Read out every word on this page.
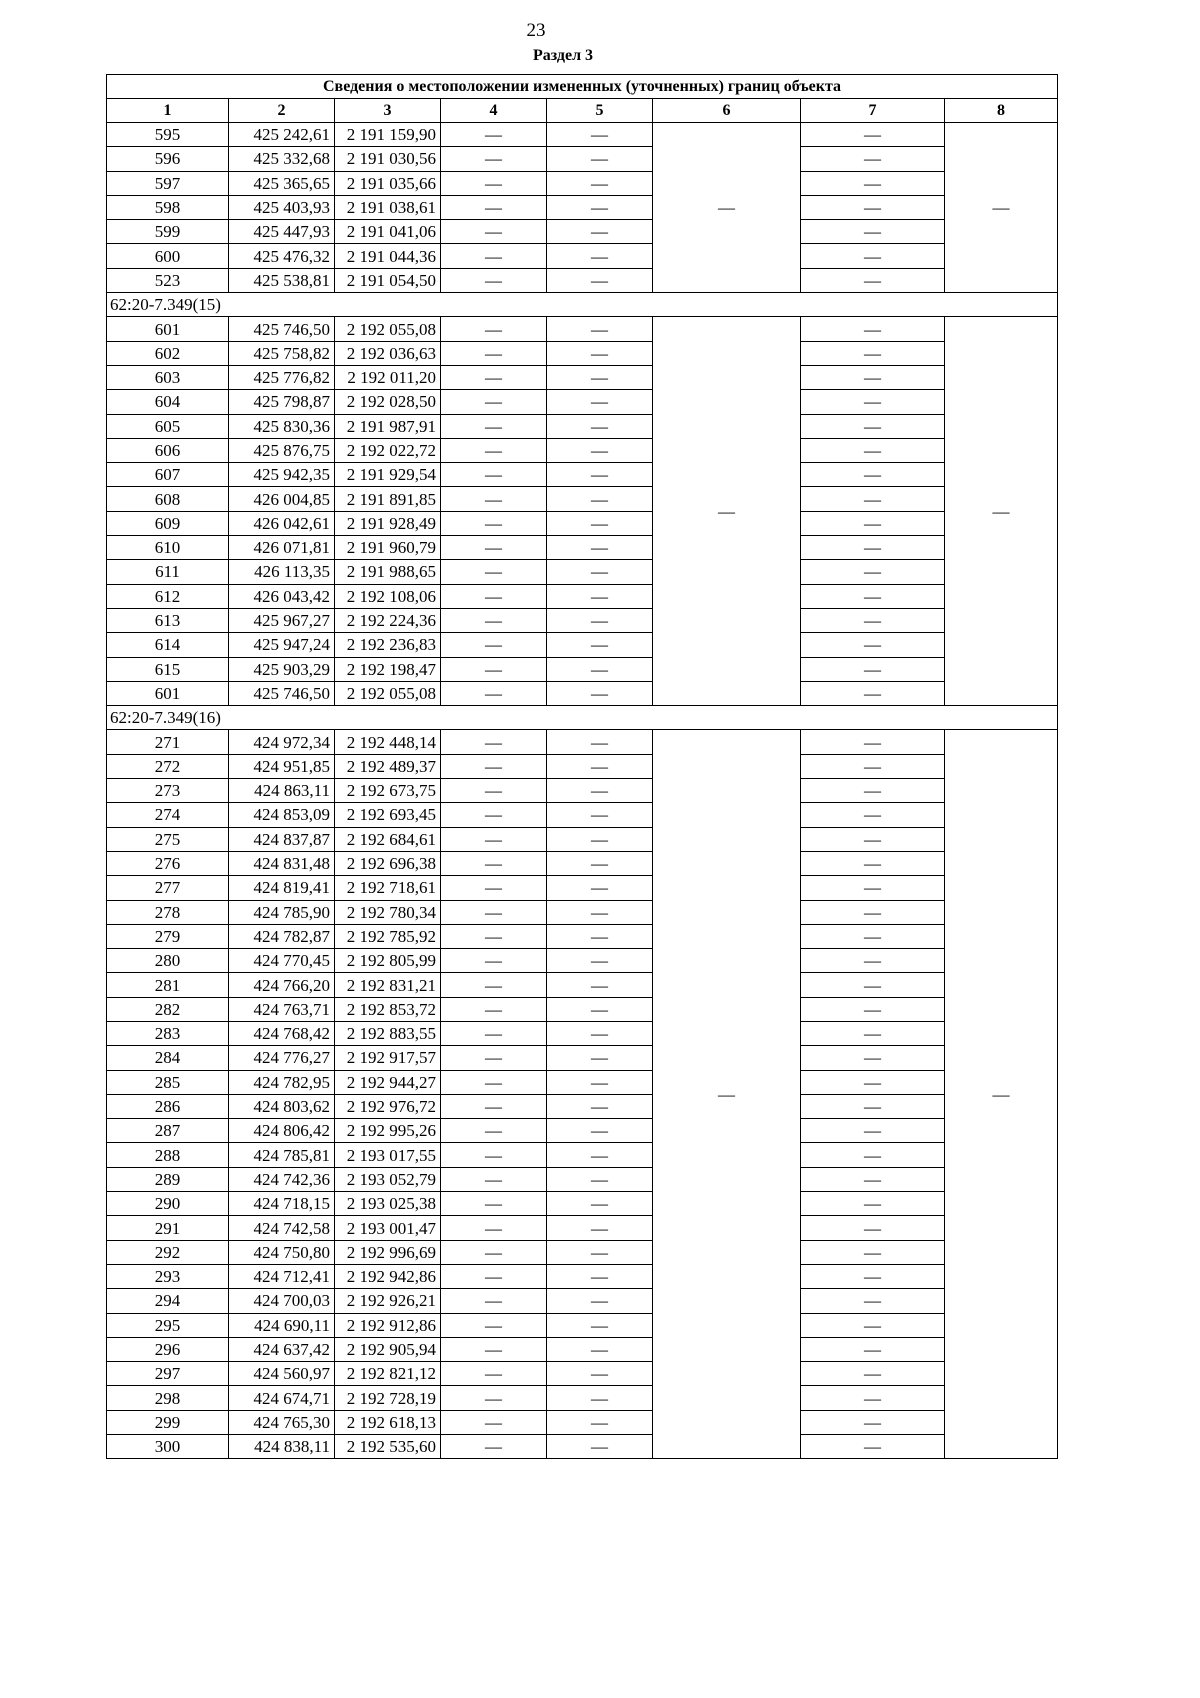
23
Раздел 3
Сведения о местоположении измененных (уточненных) границ объекта							
1	2	3	4	5	6	7	8
595	425 242,61	2 191 159,90	—	—	—	—	—
596	425 332,68	2 191 030,56	—	—		—	
597	425 365,65	2 191 035,66	—	—		—	
598	425 403,93	2 191 038,61	—	—		—	
599	425 447,93	2 191 041,06	—	—		—	
600	425 476,32	2 191 044,36	—	—		—	
523	425 538,81	2 191 054,50	—	—		—	
62:20-7.349(15)							
601	425 746,50	2 192 055,08	—	—	—	—	—
602	425 758,82	2 192 036,63	—	—		—	
603	425 776,82	2 192 011,20	—	—		—	
604	425 798,87	2 192 028,50	—	—		—	
605	425 830,36	2 191 987,91	—	—		—	
606	425 876,75	2 192 022,72	—	—		—	
607	425 942,35	2 191 929,54	—	—		—	
608	426 004,85	2 191 891,85	—	—		—	
609	426 042,61	2 191 928,49	—	—		—	
610	426 071,81	2 191 960,79	—	—		—	
611	426 113,35	2 191 988,65	—	—		—	
612	426 043,42	2 192 108,06	—	—		—	
613	425 967,27	2 192 224,36	—	—		—	
614	425 947,24	2 192 236,83	—	—		—	
615	425 903,29	2 192 198,47	—	—		—	
601	425 746,50	2 192 055,08	—	—		—	
62:20-7.349(16)							
271	424 972,34	2 192 448,14	—	—	—	—	—
272	424 951,85	2 192 489,37	—	—		—	
273	424 863,11	2 192 673,75	—	—		—	
274	424 853,09	2 192 693,45	—	—		—	
275	424 837,87	2 192 684,61	—	—		—	
276	424 831,48	2 192 696,38	—	—		—	
277	424 819,41	2 192 718,61	—	—		—	
278	424 785,90	2 192 780,34	—	—		—	
279	424 782,87	2 192 785,92	—	—		—	
280	424 770,45	2 192 805,99	—	—		—	
281	424 766,20	2 192 831,21	—	—		—	
282	424 763,71	2 192 853,72	—	—		—	
283	424 768,42	2 192 883,55	—	—		—	
284	424 776,27	2 192 917,57	—	—		—	
285	424 782,95	2 192 944,27	—	—		—	
286	424 803,62	2 192 976,72	—	—		—	
287	424 806,42	2 192 995,26	—	—		—	
288	424 785,81	2 193 017,55	—	—		—	
289	424 742,36	2 193 052,79	—	—		—	
290	424 718,15	2 193 025,38	—	—		—	
291	424 742,58	2 193 001,47	—	—		—	
292	424 750,80	2 192 996,69	—	—		—	
293	424 712,41	2 192 942,86	—	—		—	
294	424 700,03	2 192 926,21	—	—		—	
295	424 690,11	2 192 912,86	—	—		—	
296	424 637,42	2 192 905,94	—	—		—	
297	424 560,97	2 192 821,12	—	—		—	
298	424 674,71	2 192 728,19	—	—		—	
299	424 765,30	2 192 618,13	—	—		—	
300	424 838,11	2 192 535,60	—	—		—	
